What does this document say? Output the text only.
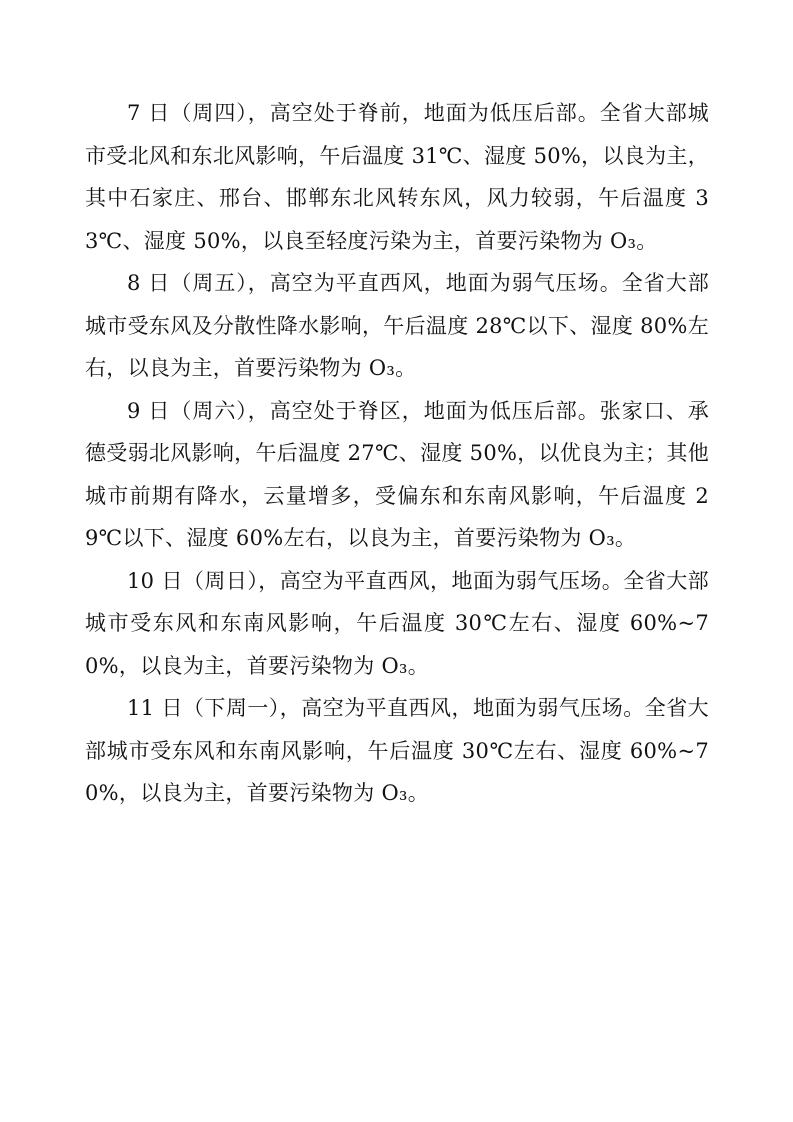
7 日（周四），高空处于脊前，地面为低压后部。全省大部城市受北风和东北风影响，午后温度 31℃、湿度 50%，以良为主，其中石家庄、邢台、邯郸东北风转东风，风力较弱，午后温度 33℃、湿度 50%，以良至轻度污染为主，首要污染物为 O₃。

8 日（周五），高空为平直西风，地面为弱气压场。全省大部城市受东风及分散性降水影响，午后温度 28℃以下、湿度 80%左右，以良为主，首要污染物为 O₃。

9 日（周六），高空处于脊区，地面为低压后部。张家口、承德受弱北风影响，午后温度 27℃、湿度 50%，以优良为主；其他城市前期有降水，云量增多，受偏东和东南风影响，午后温度 29℃以下、湿度 60%左右，以良为主，首要污染物为 O₃。

10 日（周日），高空为平直西风，地面为弱气压场。全省大部城市受东风和东南风影响，午后温度 30℃左右、湿度 60%~70%，以良为主，首要污染物为 O₃。

11 日（下周一），高空为平直西风，地面为弱气压场。全省大部城市受东风和东南风影响，午后温度 30℃左右、湿度 60%~70%，以良为主，首要污染物为 O₃。
